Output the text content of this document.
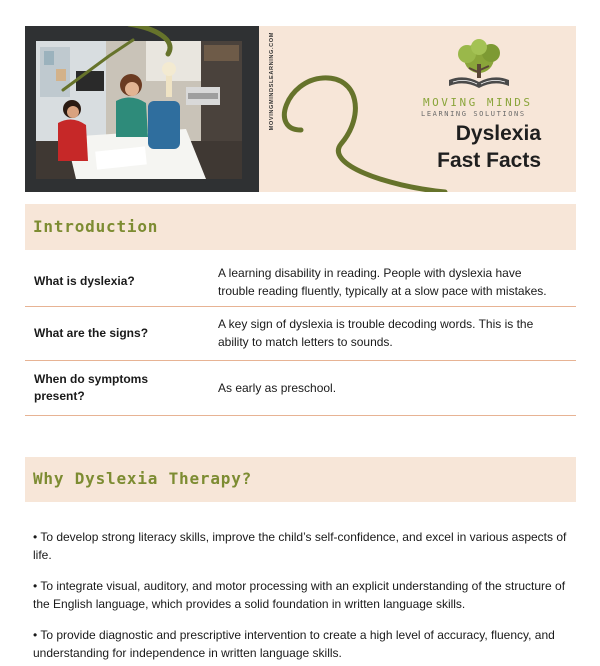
MOVINGMINDSLEARNING.COM	MOVING MINDS
LEARNING SOLUTIONS
Dyslexia
Fast Facts
Introduction
What is dyslexia?
A learning disability in reading. People with dyslexia have trouble reading fluently, typically at a slow pace with mistakes.
What are the signs?
A key sign of dyslexia is trouble decoding words. This is the ability to match letters to sounds.
When do symptoms present?
As early as preschool.
Why Dyslexia Therapy?

• To develop strong literacy skills, improve the child’s self-confidence, and excel in various aspects of life.

• To integrate visual, auditory, and motor processing with an explicit understanding of the structure of the English language, which provides a solid foundation in written language skills.

• To provide diagnostic and prescriptive intervention to create a high level of accuracy, fluency, and understanding for independence in written language skills.
